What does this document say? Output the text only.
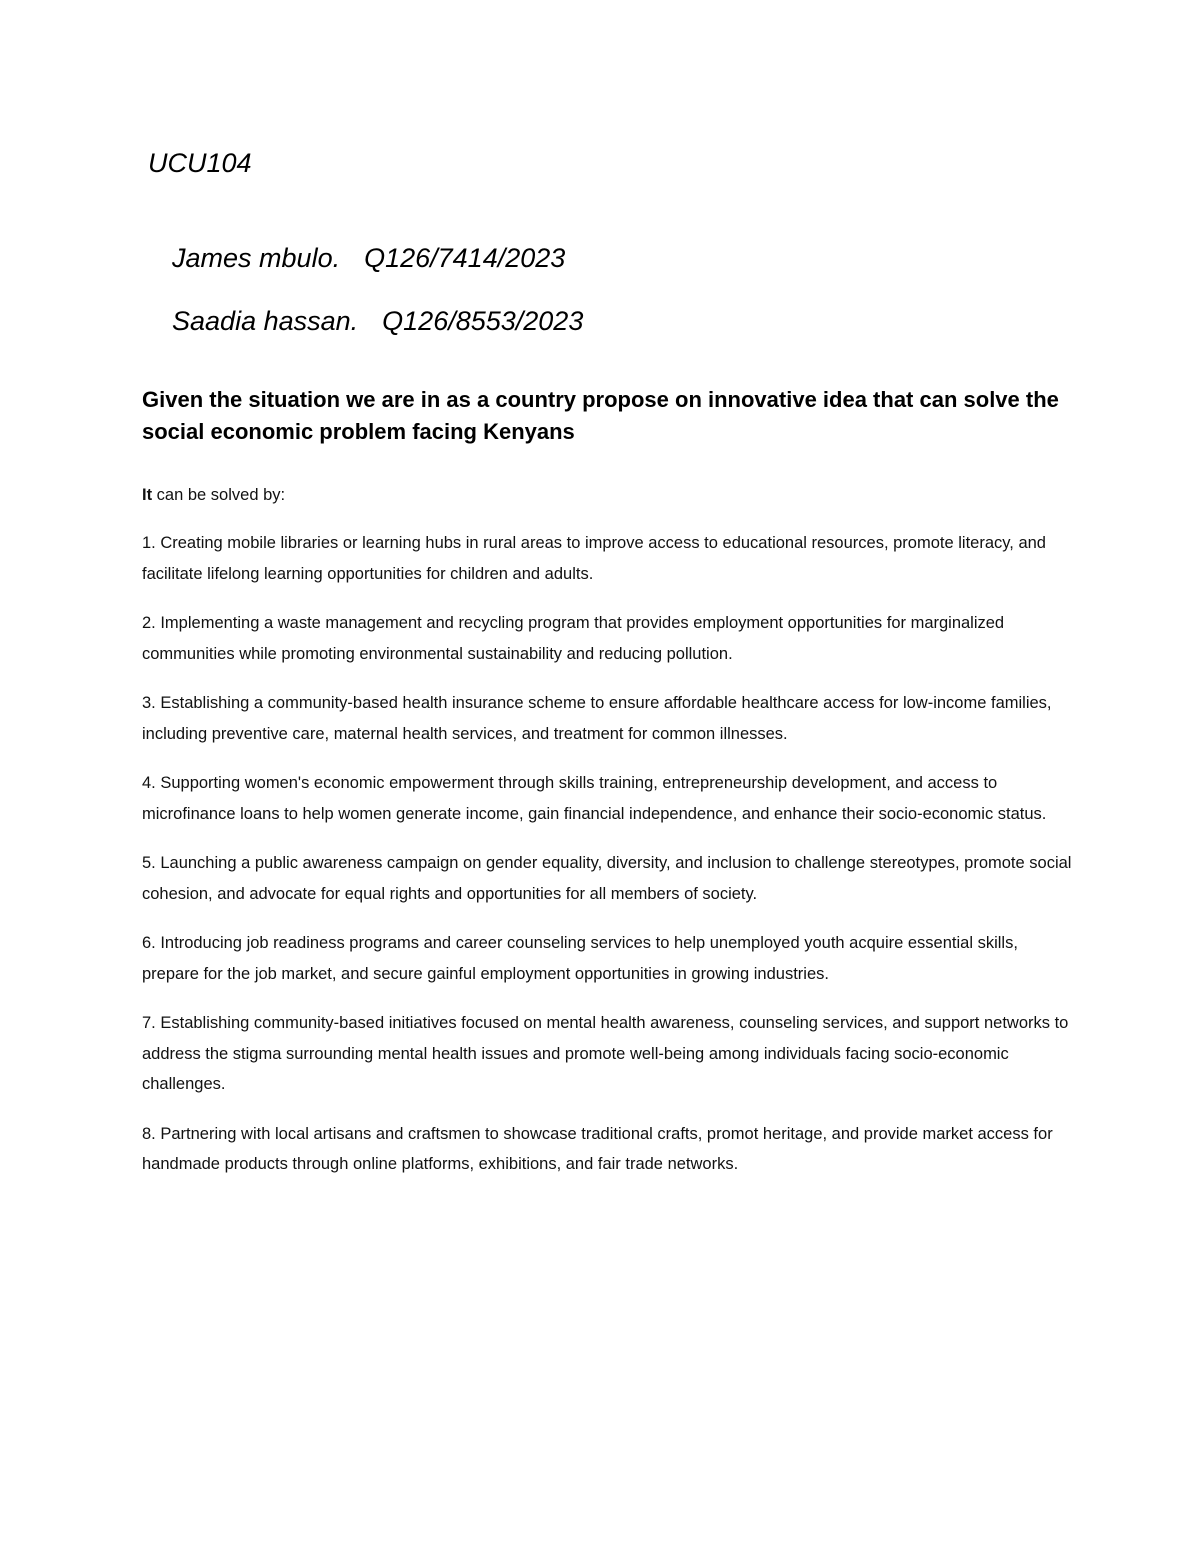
UCU104

James mbulo. Q126/7414/2023

Saadia hassan. Q126/8553/2023

Given the situation we are in as a country propose on innovative idea that can solve the social economic problem facing Kenyans
It can be solved by:
1. Creating mobile libraries or learning hubs in rural areas to improve access to educational resources, promote literacy, and facilitate lifelong learning opportunities for children and adults.
2. Implementing a waste management and recycling program that provides employment opportunities for marginalized communities while promoting environmental sustainability and reducing pollution.
3. Establishing a community-based health insurance scheme to ensure affordable healthcare access for low-income families, including preventive care, maternal health services, and treatment for common illnesses.
4. Supporting women's economic empowerment through skills training, entrepreneurship development, and access to microfinance loans to help women generate income, gain financial independence, and enhance their socio-economic status.
5. Launching a public awareness campaign on gender equality, diversity, and inclusion to challenge stereotypes, promote social cohesion, and advocate for equal rights and opportunities for all members of society.
6. Introducing job readiness programs and career counseling services to help unemployed youth acquire essential skills, prepare for the job market, and secure gainful employment opportunities in growing industries.
7. Establishing community-based initiatives focused on mental health awareness, counseling services, and support networks to address the stigma surrounding mental health issues and promote well-being among individuals facing socio-economic challenges.
8. Partnering with local artisans and craftsmen to showcase traditional crafts, promot heritage, and provide market access for handmade products through online platforms, exhibitions, and fair trade networks.
